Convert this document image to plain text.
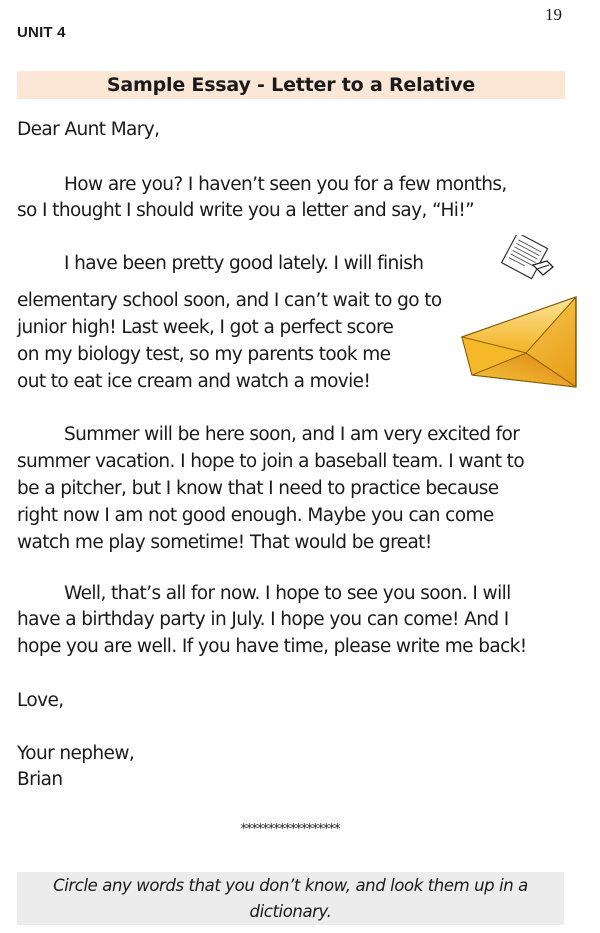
19
UNIT 4
Sample Essay - Letter to a Relative
Dear Aunt Mary,
How are you? I haven’t seen you for a few months,
so I thought I should write you a letter and say, “Hi!”
I have been pretty good lately. I will finish
elementary school soon, and I can’t wait to go to
junior high! Last week, I got a perfect score
on my biology test, so my parents took me
out to eat ice cream and watch a movie!
Summer will be here soon, and I am very excited for
summer vacation. I hope to join a baseball team. I want to
be a pitcher, but I know that I need to practice because
right now I am not good enough. Maybe you can come
watch me play sometime! That would be great!
Well, that’s all for now. I hope to see you soon. I will
have a birthday party in July. I hope you can come! And I
hope you are well. If you have time, please write me back!
Love,
Your nephew,
Brian
******************
Circle any words that you don’t know, and look them up in a dictionary.
